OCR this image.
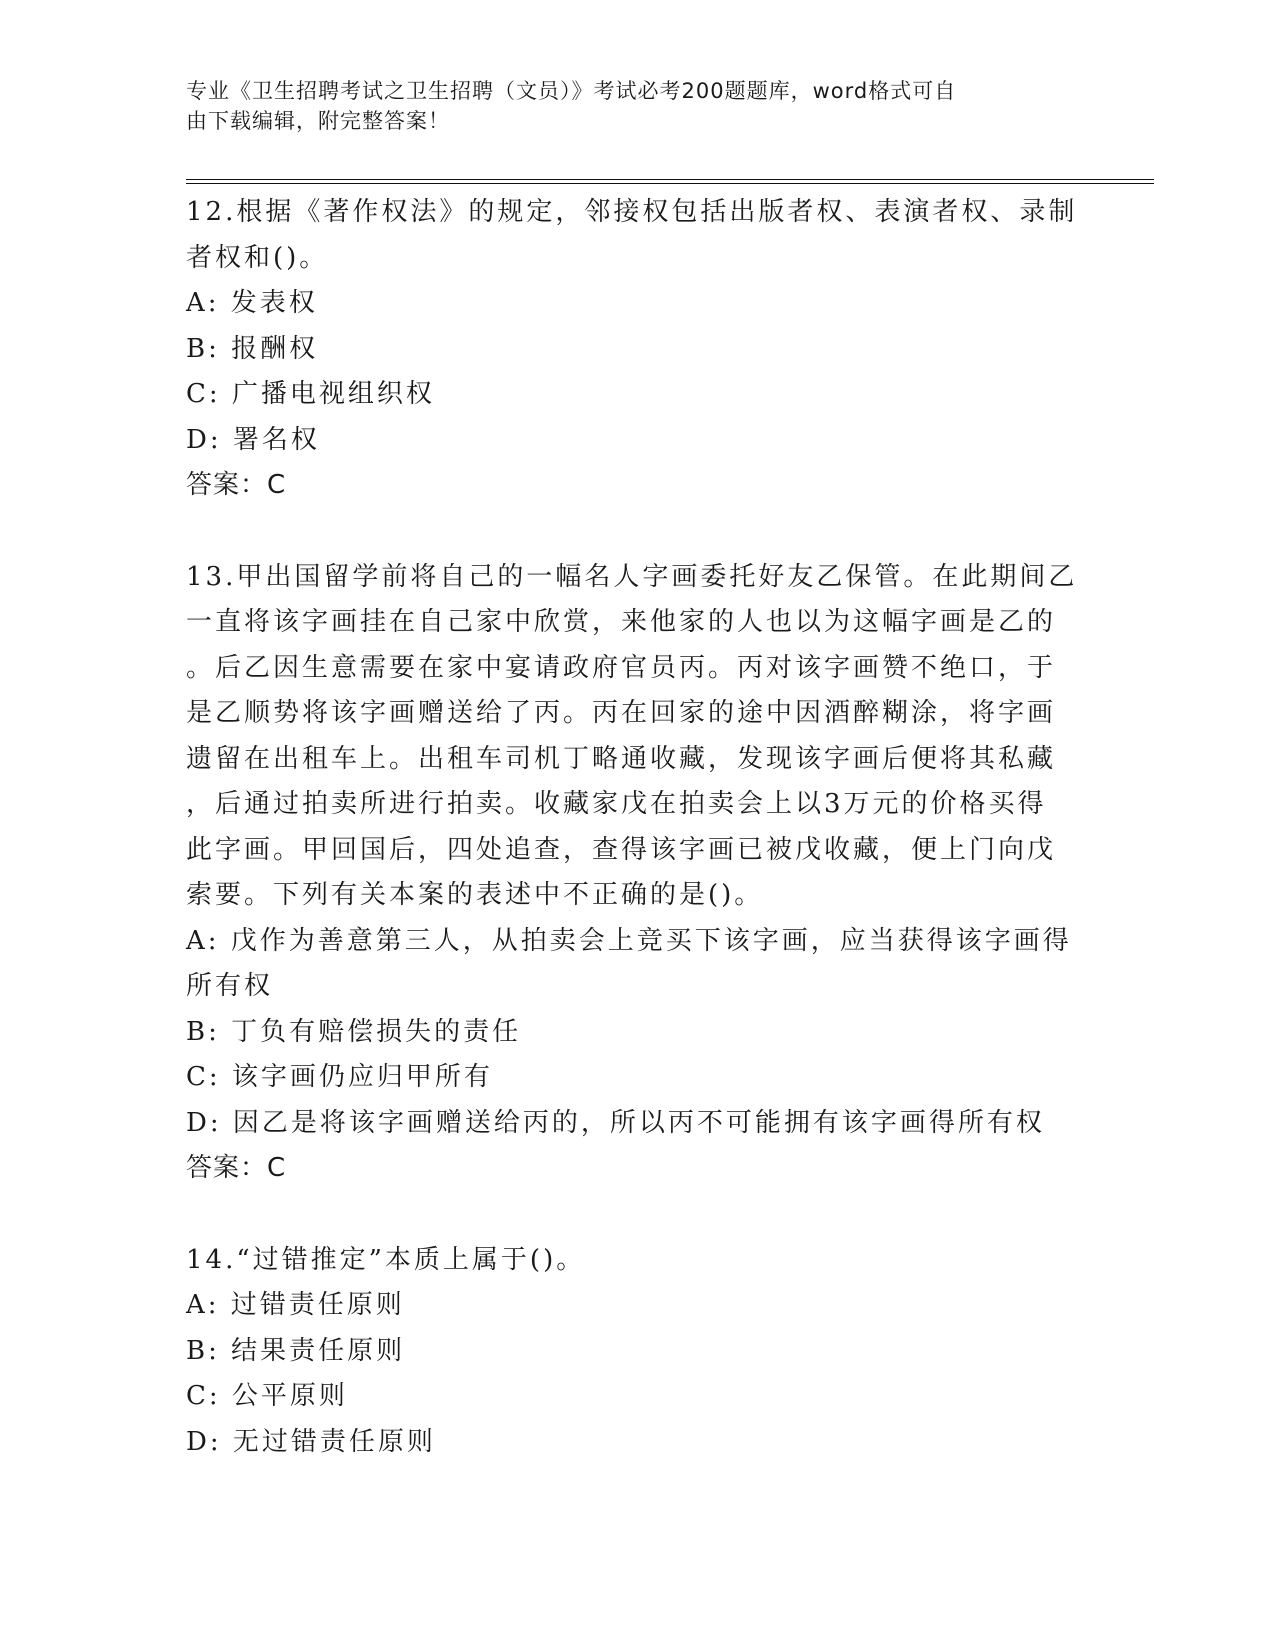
专业《卫生招聘考试之卫生招聘（文员）》考试必考200题题库，word格式可自
由下载编辑，附完整答案！
12.根据《著作权法》的规定，邻接权包括出版者权、表演者权、录制
者权和()。
A: 发表权
B: 报酬权
C: 广播电视组织权
D: 署名权
答案：C
13.甲出国留学前将自己的一幅名人字画委托好友乙保管。在此期间乙
一直将该字画挂在自己家中欣赏，来他家的人也以为这幅字画是乙的
。后乙因生意需要在家中宴请政府官员丙。丙对该字画赞不绝口，于
是乙顺势将该字画赠送给了丙。丙在回家的途中因酒醉糊涂，将字画
遗留在出租车上。出租车司机丁略通收藏，发现该字画后便将其私藏
，后通过拍卖所进行拍卖。收藏家戊在拍卖会上以3万元的价格买得
此字画。甲回国后，四处追查，查得该字画已被戊收藏，便上门向戊
索要。下列有关本案的表述中不正确的是()。
A: 戊作为善意第三人，从拍卖会上竞买下该字画，应当获得该字画得
所有权
B: 丁负有赔偿损失的责任
C: 该字画仍应归甲所有
D: 因乙是将该字画赠送给丙的，所以丙不可能拥有该字画得所有权
答案：C
14.“过错推定”本质上属于()。
A: 过错责任原则
B: 结果责任原则
C: 公平原则
D: 无过错责任原则
